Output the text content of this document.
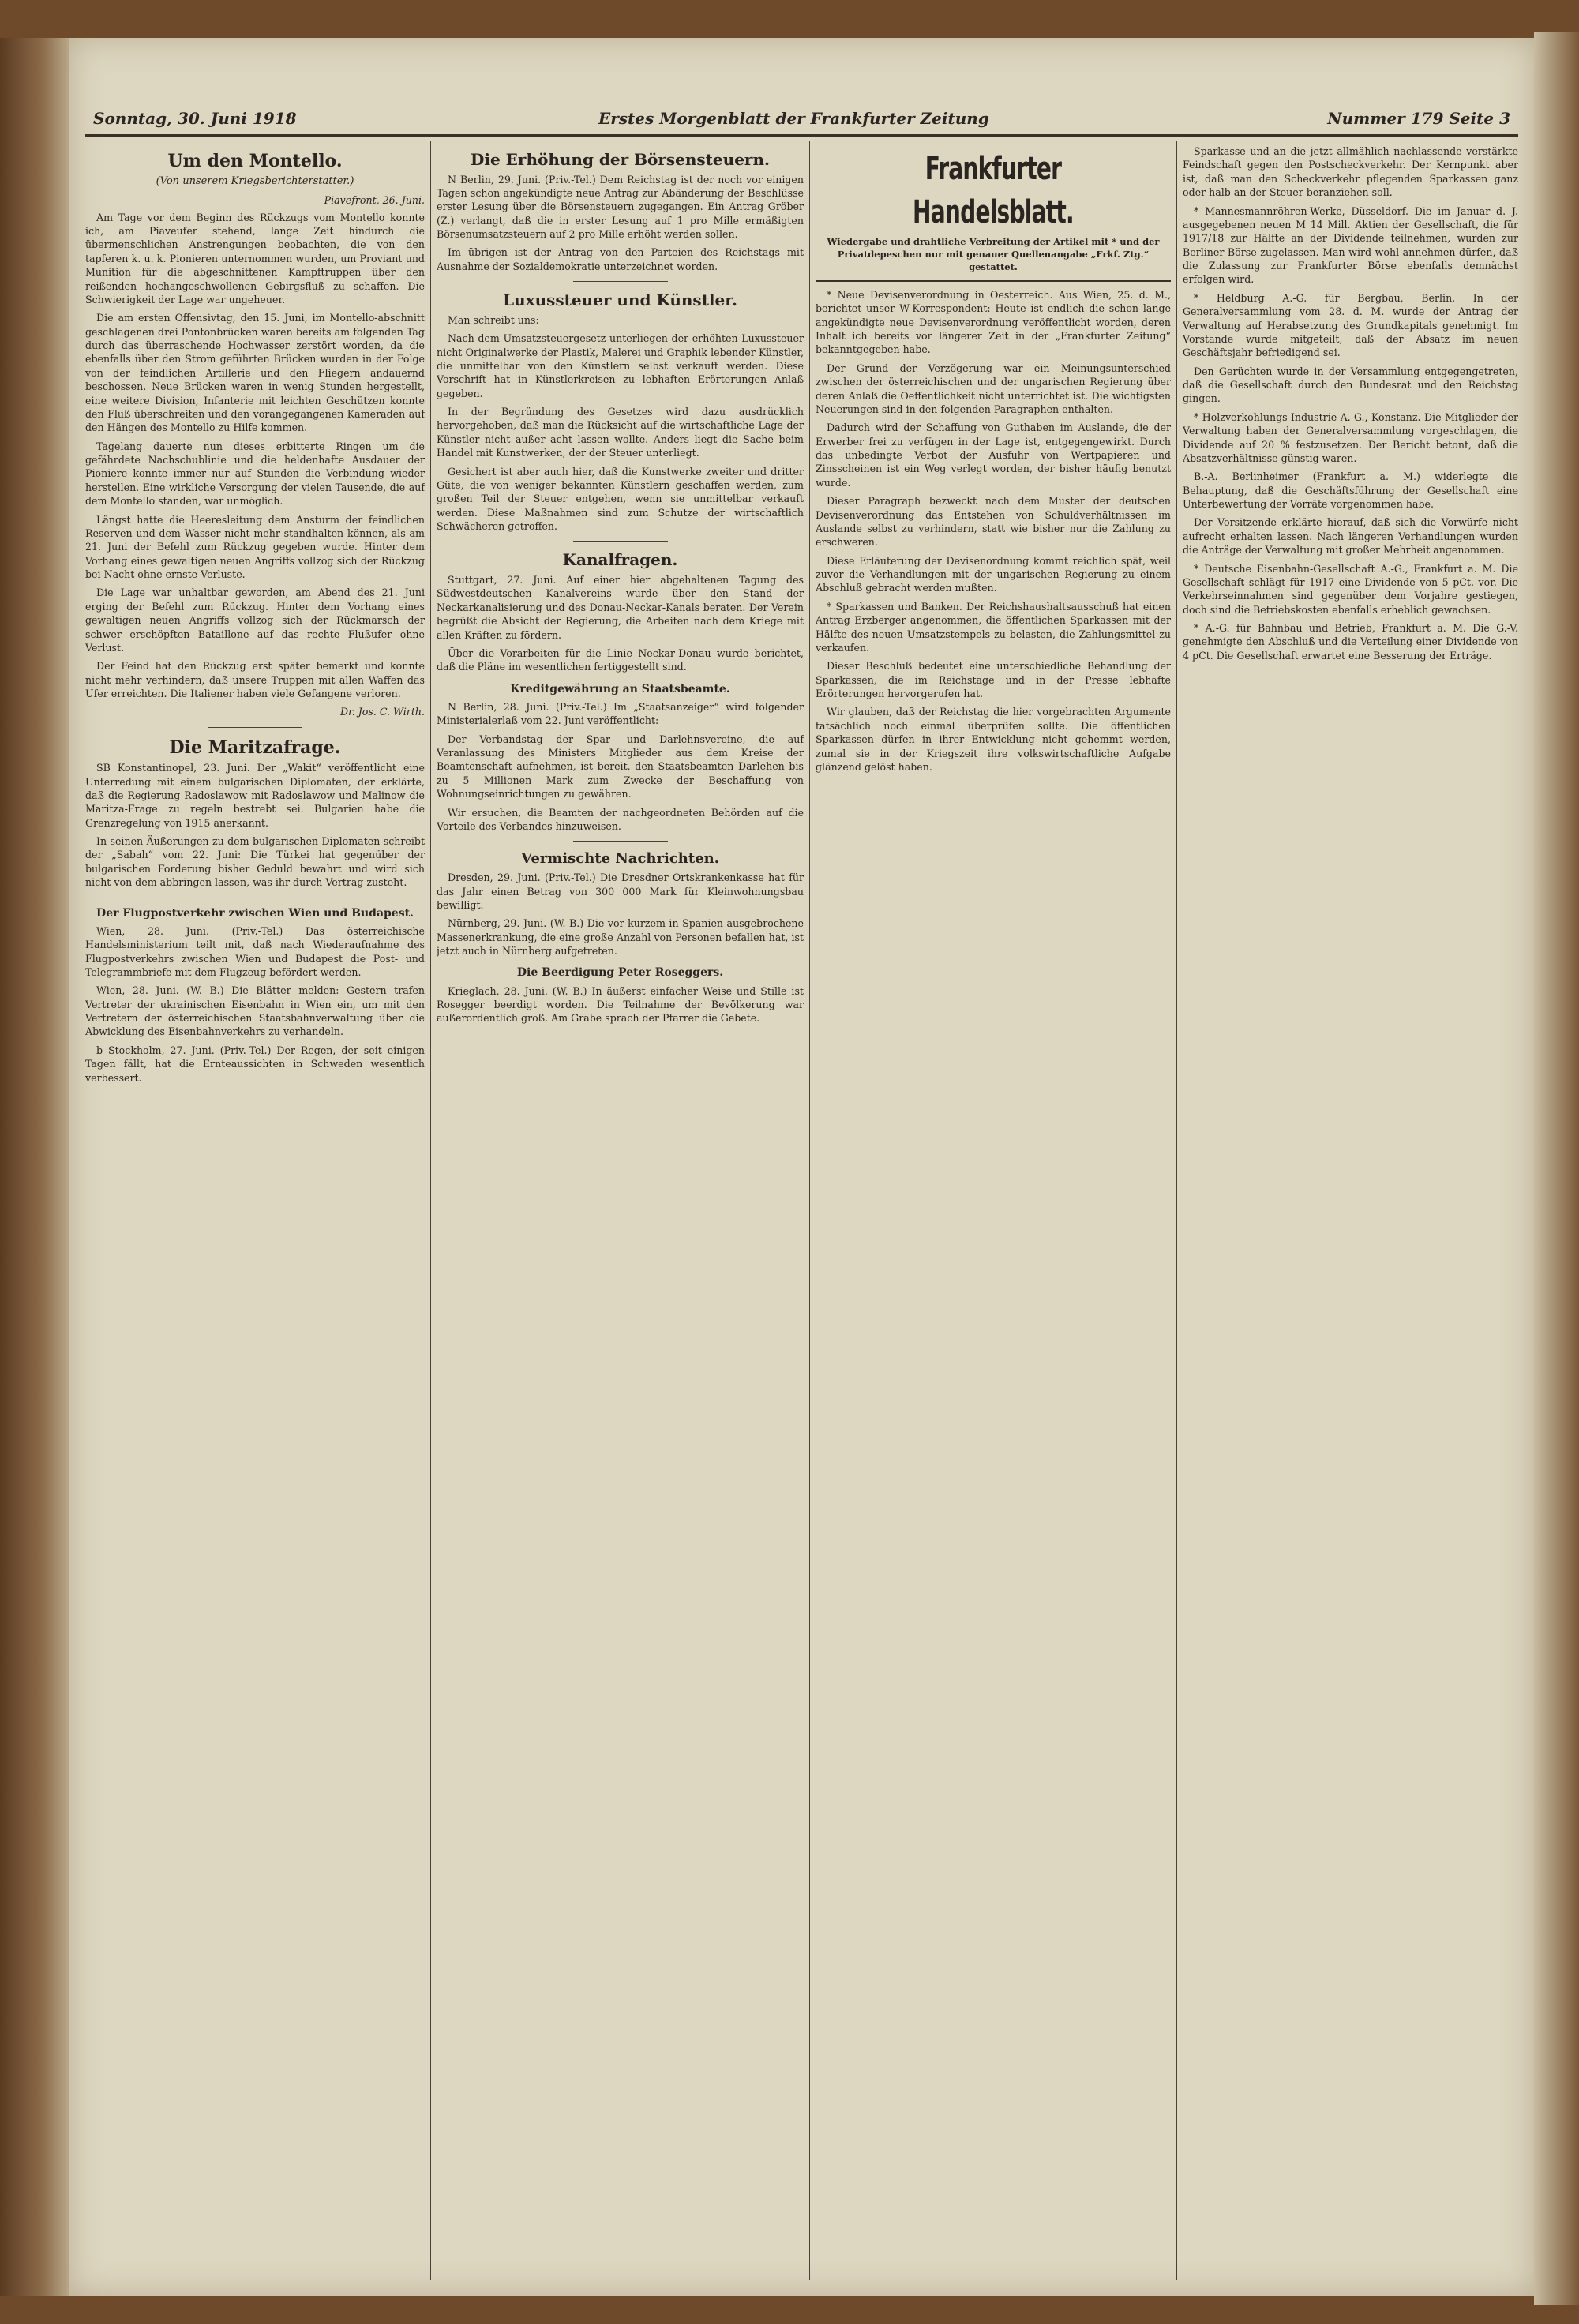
Sonntag, 30. Juni 1918	Erstes Morgenblatt der Frankfurter Zeitung	Nummer 179 Seite 3
Um den Montello.
(Von unserem Kriegsberichterstatter.)
Piavefront, 26. Juni.

Am Tage vor dem Beginn des Rückzugs vom Montello konnte ich, am Piaveufer stehend, lange Zeit hindurch die übermenschlichen Anstrengungen beobachten, die von den tapferen k. u. k. Pionieren unternommen wurden, um Proviant und Munition für die abgeschnittenen Kampftruppen über den reißenden hochangeschwollenen Gebirgsfluß zu schaffen. Die Schwierigkeit der Lage war ungeheuer.

Die am ersten Offensivtag, den 15. Juni, im Montello-abschnitt geschlagenen drei Pontonbrücken waren bereits am folgenden Tag durch das überraschende Hochwasser zerstört worden, da die ebenfalls über den Strom geführten Brücken wurden in der Folge von der feindlichen Artillerie und den Fliegern andauernd beschossen. Neue Brücken waren in wenig Stunden hergestellt, eine weitere Division, Infanterie mit leichten Geschützen konnte den Fluß überschreiten und den vorangegangenen Kameraden auf den Hängen des Montello zu Hilfe kommen.

Tagelang dauerte nun dieses erbitterte Ringen um die gefährdete Nachschublinie und die heldenhafte Ausdauer der Pioniere konnte immer nur auf Stunden die Verbindung wieder herstellen. Eine wirkliche Versorgung der vielen Tausende, die auf dem Montello standen, war unmöglich.

Längst hatte die Heeresleitung dem Ansturm der feindlichen Reserven und dem Wasser nicht mehr standhalten können, als am 21. Juni der Befehl zum Rückzug gegeben wurde. Hinter dem Vorhang eines gewaltigen neuen Angriffs vollzog sich der Rückzug bei Nacht ohne ernste Verluste.

Die Lage war unhaltbar geworden, am Abend des 21. Juni erging der Befehl zum Rückzug. Hinter dem Vorhang eines gewaltigen neuen Angriffs vollzog sich der Rückmarsch der schwer erschöpften Bataillone auf das rechte Flußufer ohne Verlust.

Der Feind hat den Rückzug erst später bemerkt und konnte nicht mehr verhindern, daß unsere Truppen mit allen Waffen das Ufer erreichten. Die Italiener haben viele Gefangene verloren.

Dr. Jos. C. Wirth.
Die Maritzafrage.

SB Konstantinopel, 23. Juni. Der „Wakit“ veröffentlicht eine Unterredung mit einem bulgarischen Diplomaten, der erklärte, daß die Regierung Radoslawow mit Radoslawow und Malinow die Maritza-Frage zu regeln bestrebt sei. Bulgarien habe die Grenzregelung von 1915 anerkannt.

In seinen Äußerungen zu dem bulgarischen Diplomaten schreibt der „Sabah“ vom 22. Juni: Die Türkei hat gegenüber der bulgarischen Forderung bisher Geduld bewahrt und wird sich nicht von dem abbringen lassen, was ihr durch Vertrag zusteht.

Der Flugpostverkehr zwischen Wien und Budapest.

Wien, 28. Juni. (Priv.-Tel.) Das österreichische Handelsministerium teilt mit, daß nach Wiederaufnahme des Flugpostverkehrs zwischen Wien und Budapest die Post- und Telegrammbriefe mit dem Flugzeug befördert werden.

Wien, 28. Juni. (W. B.) Die Blätter melden: Gestern trafen Vertreter der ukrainischen Eisenbahn in Wien ein, um mit den Vertretern der österreichischen Staatsbahnverwaltung über die Abwicklung des Eisenbahnverkehrs zu verhandeln.

b Stockholm, 27. Juni. (Priv.-Tel.) Der Regen, der seit einigen Tagen fällt, hat die Ernteaussichten in Schweden wesentlich verbessert.

Die Erhöhung der Börsensteuern.

N Berlin, 29. Juni. (Priv.-Tel.) Dem Reichstag ist der noch vor einigen Tagen schon angekündigte neue Antrag zur Abänderung der Beschlüsse erster Lesung über die Börsensteuern zugegangen. Ein Antrag Gröber (Z.) verlangt, daß die in erster Lesung auf 1 pro Mille ermäßigten Börsenumsatzsteuern auf 2 pro Mille erhöht werden sollen.

Im übrigen ist der Antrag von den Parteien des Reichstags mit Ausnahme der Sozialdemokratie unterzeichnet worden.

Luxussteuer und Künstler.

Man schreibt uns:

Nach dem Umsatzsteuergesetz unterliegen der erhöhten Luxussteuer nicht Originalwerke der Plastik, Malerei und Graphik lebender Künstler, die unmittelbar von den Künstlern selbst verkauft werden. Diese Vorschrift hat in Künstlerkreisen zu lebhaften Erörterungen Anlaß gegeben.

In der Begründung des Gesetzes wird dazu ausdrücklich hervorgehoben, daß man die Rücksicht auf die wirtschaftliche Lage der Künstler nicht außer acht lassen wollte. Anders liegt die Sache beim Handel mit Kunstwerken, der der Steuer unterliegt.

Gesichert ist aber auch hier, daß die Kunstwerke zweiter und dritter Güte, die von weniger bekannten Künstlern geschaffen werden, zum großen Teil der Steuer entgehen, wenn sie unmittelbar verkauft werden. Diese Maßnahmen sind zum Schutze der wirtschaftlich Schwächeren getroffen.

Kanalfragen.

Stuttgart, 27. Juni. Auf einer hier abgehaltenen Tagung des Südwestdeutschen Kanalvereins wurde über den Stand der Neckarkanalisierung und des Donau-Neckar-Kanals beraten. Der Verein begrüßt die Absicht der Regierung, die Arbeiten nach dem Kriege mit allen Kräften zu fördern.

Über die Vorarbeiten für die Linie Neckar-Donau wurde berichtet, daß die Pläne im wesentlichen fertiggestellt sind.

Kreditgewährung an Staatsbeamte.

N Berlin, 28. Juni. (Priv.-Tel.) Im „Staatsanzeiger“ wird folgender Ministerialerlaß vom 22. Juni veröffentlicht:

Der Verbandstag der Spar- und Darlehnsvereine, die auf Veranlassung des Ministers Mitglieder aus dem Kreise der Beamtenschaft aufnehmen, ist bereit, den Staatsbeamten Darlehen bis zu 5 Millionen Mark zum Zwecke der Beschaffung von Wohnungseinrichtungen zu gewähren.

Wir ersuchen, die Beamten der nachgeordneten Behörden auf die Vorteile des Verbandes hinzuweisen.

Vermischte Nachrichten.

Dresden, 29. Juni. (Priv.-Tel.) Die Dresdner Ortskrankenkasse hat für das Jahr einen Betrag von 300 000 Mark für Kleinwohnungsbau bewilligt.

Nürnberg, 29. Juni. (W. B.) Die vor kurzem in Spanien ausgebrochene Massenerkrankung, die eine große Anzahl von Personen befallen hat, ist jetzt auch in Nürnberg aufgetreten.

Die Beerdigung Peter Roseggers.

Krieglach, 28. Juni. (W. B.) In äußerst einfacher Weise und Stille ist Rosegger beerdigt worden. Die Teilnahme der Bevölkerung war außerordentlich groß. Am Grabe sprach der Pfarrer die Gebete.

Frankfurter Handelsblatt.
Wiedergabe und drahtliche Verbreitung der Artikel mit * und der Privatdepeschen nur mit genauer Quellenangabe „Frkf. Ztg.“ gestattet.

* Neue Devisenverordnung in Oesterreich. Aus Wien, 25. d. M., berichtet unser W-Korrespondent: Heute ist endlich die schon lange angekündigte neue Devisenverordnung veröffentlicht worden, deren Inhalt ich bereits vor längerer Zeit in der „Frankfurter Zeitung“ bekanntgegeben habe.

Der Grund der Verzögerung war ein Meinungsunterschied zwischen der österreichischen und der ungarischen Regierung über deren Anlaß die Oeffentlichkeit nicht unterrichtet ist. Die wichtigsten Neuerungen sind in den folgenden Paragraphen enthalten.

Dadurch wird der Schaffung von Guthaben im Auslande, die der Erwerber frei zu verfügen in der Lage ist, entgegengewirkt. Durch das unbedingte Verbot der Ausfuhr von Wertpapieren und Zinsscheinen ist ein Weg verlegt worden, der bisher häufig benutzt wurde.

Dieser Paragraph bezweckt nach dem Muster der deutschen Devisenverordnung das Entstehen von Schuldverhältnissen im Auslande selbst zu verhindern, statt wie bisher nur die Zahlung zu erschweren.

Diese Erläuterung der Devisenordnung kommt reichlich spät, weil zuvor die Verhandlungen mit der ungarischen Regierung zu einem Abschluß gebracht werden mußten.

* Sparkassen und Banken. Der Reichshaushaltsausschuß hat einen Antrag Erzberger angenommen, die öffentlichen Sparkassen mit der Hälfte des neuen Umsatzstempels zu belasten, die Zahlungsmittel zu verkaufen.

Dieser Beschluß bedeutet eine unterschiedliche Behandlung der Sparkassen, die im Reichstage und in der Presse lebhafte Erörterungen hervorgerufen hat.

Wir glauben, daß der Reichstag die hier vorgebrachten Argumente tatsächlich noch einmal überprüfen sollte. Die öffentlichen Sparkassen dürfen in ihrer Entwicklung nicht gehemmt werden, zumal sie in der Kriegszeit ihre volkswirtschaftliche Aufgabe glänzend gelöst haben.

Sparkasse und an die jetzt allmählich nachlassende verstärkte Feindschaft gegen den Postscheckverkehr. Der Kernpunkt aber ist, daß man den Scheckverkehr pflegenden Sparkassen ganz oder halb an der Steuer beranziehen soll.

* Mannesmannröhren-Werke, Düsseldorf. Die im Januar d. J. ausgegebenen neuen M 14 Mill. Aktien der Gesellschaft, die für 1917/18 zur Hälfte an der Dividende teilnehmen, wurden zur Berliner Börse zugelassen. Man wird wohl annehmen dürfen, daß die Zulassung zur Frankfurter Börse ebenfalls demnächst erfolgen wird.

* Heldburg A.-G. für Bergbau, Berlin. In der Generalversammlung vom 28. d. M. wurde der Antrag der Verwaltung auf Herabsetzung des Grundkapitals genehmigt. Im Vorstande wurde mitgeteilt, daß der Absatz im neuen Geschäftsjahr befriedigend sei.

Den Gerüchten wurde in der Versammlung entgegengetreten, daß die Gesellschaft durch den Bundesrat und den Reichstag gingen.

* Holzverkohlungs-Industrie A.-G., Konstanz. Die Mitglieder der Verwaltung haben der Generalversammlung vorgeschlagen, die Dividende auf 20 % festzusetzen. Der Bericht betont, daß die Absatzverhältnisse günstig waren.

B.-A. Berlinheimer (Frankfurt a. M.) widerlegte die Behauptung, daß die Geschäftsführung der Gesellschaft eine Unterbewertung der Vorräte vorgenommen habe.

Der Vorsitzende erklärte hierauf, daß sich die Vorwürfe nicht aufrecht erhalten lassen. Nach längeren Verhandlungen wurden die Anträge der Verwaltung mit großer Mehrheit angenommen.

* Deutsche Eisenbahn-Gesellschaft A.-G., Frankfurt a. M. Die Gesellschaft schlägt für 1917 eine Dividende von 5 pCt. vor. Die Verkehrseinnahmen sind gegenüber dem Vorjahre gestiegen, doch sind die Betriebskosten ebenfalls erheblich gewachsen.

* A.-G. für Bahnbau und Betrieb, Frankfurt a. M. Die G.-V. genehmigte den Abschluß und die Verteilung einer Dividende von 4 pCt. Die Gesellschaft erwartet eine Besserung der Erträge.
